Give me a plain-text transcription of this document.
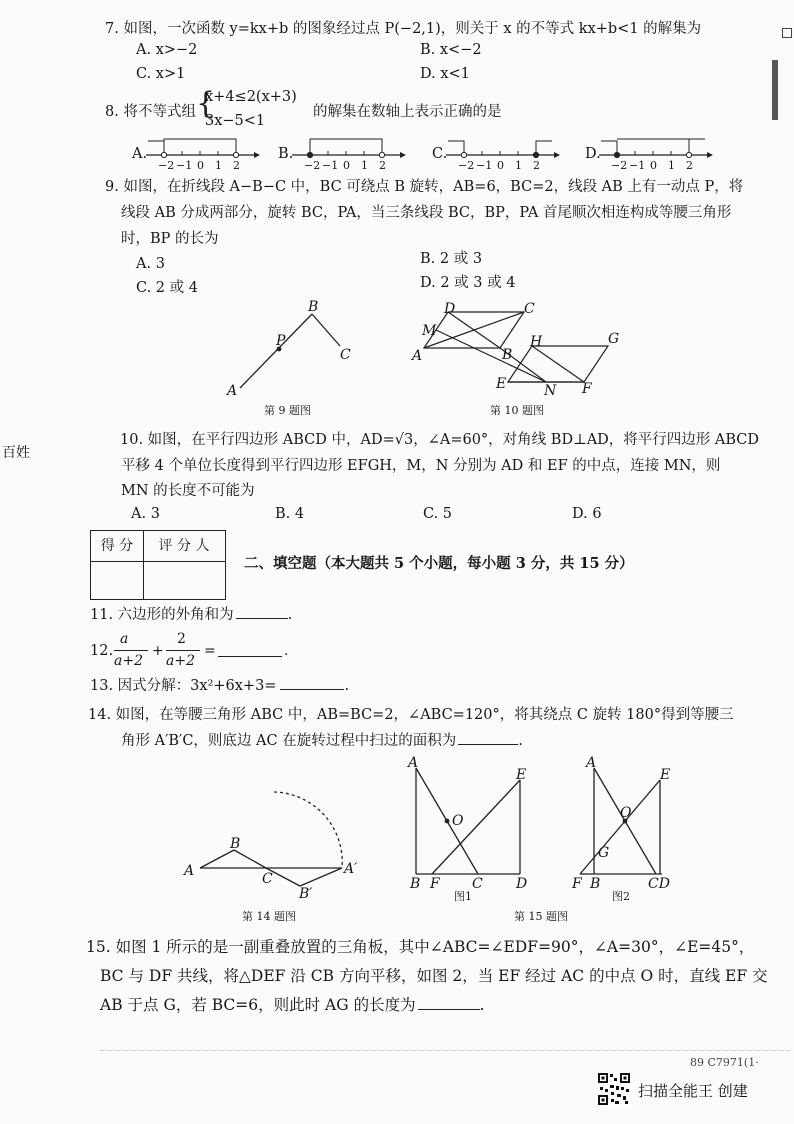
7. 如图，一次函数 y=kx+b 的图象经过点 P(−2,1)，则关于 x 的不等式 kx+b<1 的解集为
A. x>−2	B. x<−2
C. x>1	D. x<1
8. 将不等式组 {
x+4≤2(x+3)
3x−5<1
的解集在数轴上表示正确的是
A.
−2 −1 0 1 2
B.
−2 −1 0 1 2
C.
−2 −1 0 1 2
D.
−2 −1 0 1 2
9. 如图，在折线段 A−B−C 中，BC 可绕点 B 旋转，AB=6，BC=2，线段 AB 上有一动点 P，将
线段 AB 分成两部分，旋转 BC，PA，当三条线段 BC，BP，PA 首尾顺次相连构成等腰三角形
时，BP 的长为
A. 3	B. 2 或 3
C. 2 或 4	D. 2 或 3 或 4
A
P
B
C
第 9 题图
D	C
M
A	B
H	G
E	N F
第 10 题图
百姓
10. 如图，在平行四边形 ABCD 中，AD=√3，∠A=60°，对角线 BD⊥AD，将平行四边形 ABCD
平移 4 个单位长度得到平行四边形 EFGH，M，N 分别为 AD 和 EF 的中点，连接 MN，则
MN 的长度不可能为
A. 3	B. 4	C. 5	D. 6
得 分	评 分 人
二、填空题（本大题共 5 个小题，每小题 3 分，共 15 分）
11. 六边形的外角和为	.
12.
a
a+2
+
2
a+2
=	.
13. 因式分解：3x²+6x+3=	.
14. 如图，在等腰三角形 ABC 中，AB=BC=2，∠ABC=120°，将其绕点 C 旋转 180°得到等腰三
角形 A′B′C，则底边 AC 在旋转过程中扫过的面积为	.
A
B
C
B′
A′
第 14 题图
A
E
O
B F C D
图1
A
E
O
G
F B	CD
图2
第 15 题图
15. 如图 1 所示的是一副重叠放置的三角板，其中∠ABC=∠EDF=90°，∠A=30°，∠E=45°，
BC 与 DF 共线，将△DEF 沿 CB 方向平移，如图 2，当 EF 经过 AC 的中点 O 时，直线 EF 交
AB 于点 G，若 BC=6，则此时 AG 的长度为	.
89 C7971(1·
扫描全能王 创建
